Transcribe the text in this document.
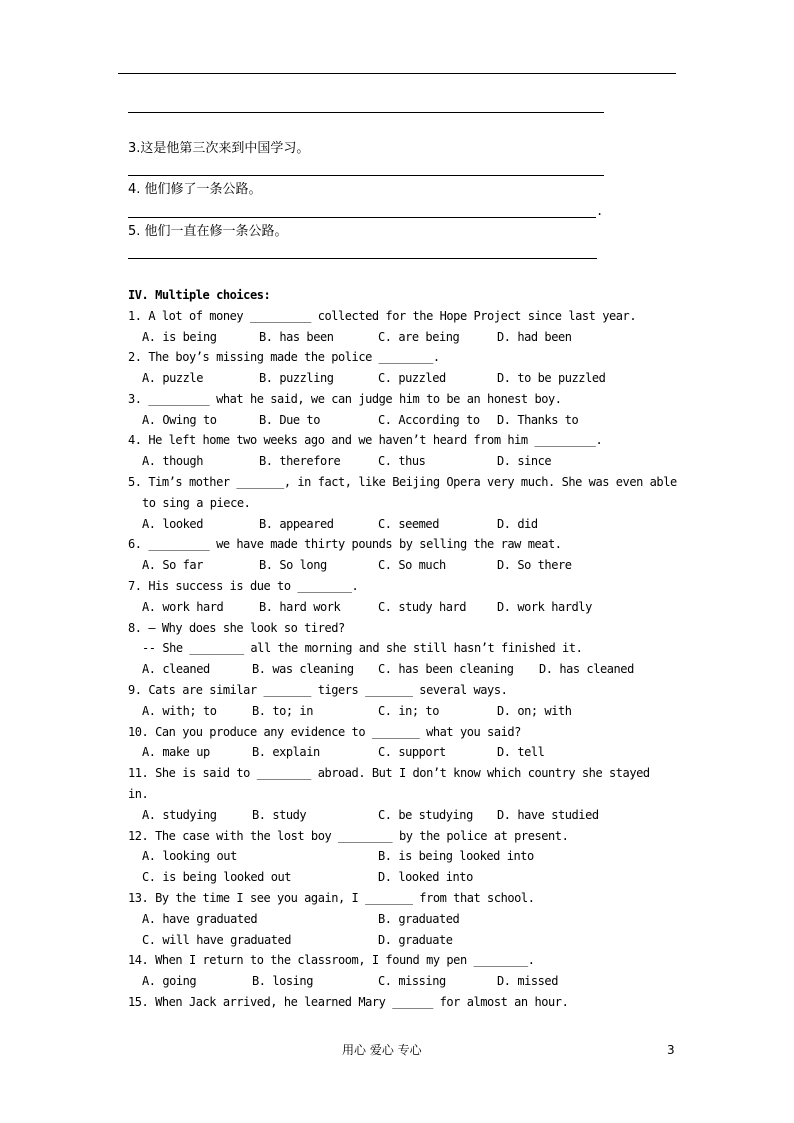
3.这是他第三次来到中国学习。
4. 他们修了一条公路。
.
5. 他们一直在修一条公路。
IV. Multiple choices:
1. A lot of money _________ collected for the Hope Project since last year.
A. is being	B. has been	C. are being	D. had been
2. The boy’s missing made the police ________.
A. puzzle	B. puzzling	C. puzzled	D. to be puzzled
3. _________ what he said, we can judge him to be an honest boy.
A. Owing to	B. Due to	C. According to D. Thanks to
4. He left home two weeks ago and we haven’t heard from him _________.
A. though	B. therefore	C. thus	D. since
5. Tim’s mother _______, in fact, like Beijing Opera very much. She was even able
to sing a piece.
A. looked	B. appeared	C. seemed	D. did
6. _________ we have made thirty pounds by selling the raw meat.
A. So far	B. So long	C. So much	D. So there
7. His success is due to ________.
A. work hard	B. hard work	C. study hard	D. work hardly
8. – Why does she look so tired?
-- She ________ all the morning and she still hasn’t finished it.
A. cleaned	B. was cleaning C. has been cleaning D. has cleaned
9. Cats are similar _______ tigers _______ several ways.
A. with; to	B. to; in	C. in; to	D. on; with
10. Can you produce any evidence to _______ what you said?
A. make up	B. explain	C. support	D. tell
11. She is said to ________ abroad. But I don’t know which country she stayed
in.
A. studying	B. study	C. be studying D. have studied
12. The case with the lost boy ________ by the police at present.
A. looking out	B. is being looked into
C. is being looked out	D. looked into
13. By the time I see you again, I _______ from that school.
A. have graduated	B. graduated
C. will have graduated	D. graduate
14. When I return to the classroom, I found my pen ________.
A. going	B. losing	C. missing	D. missed
15. When Jack arrived, he learned Mary ______ for almost an hour.
用心 爱心 专心	3
